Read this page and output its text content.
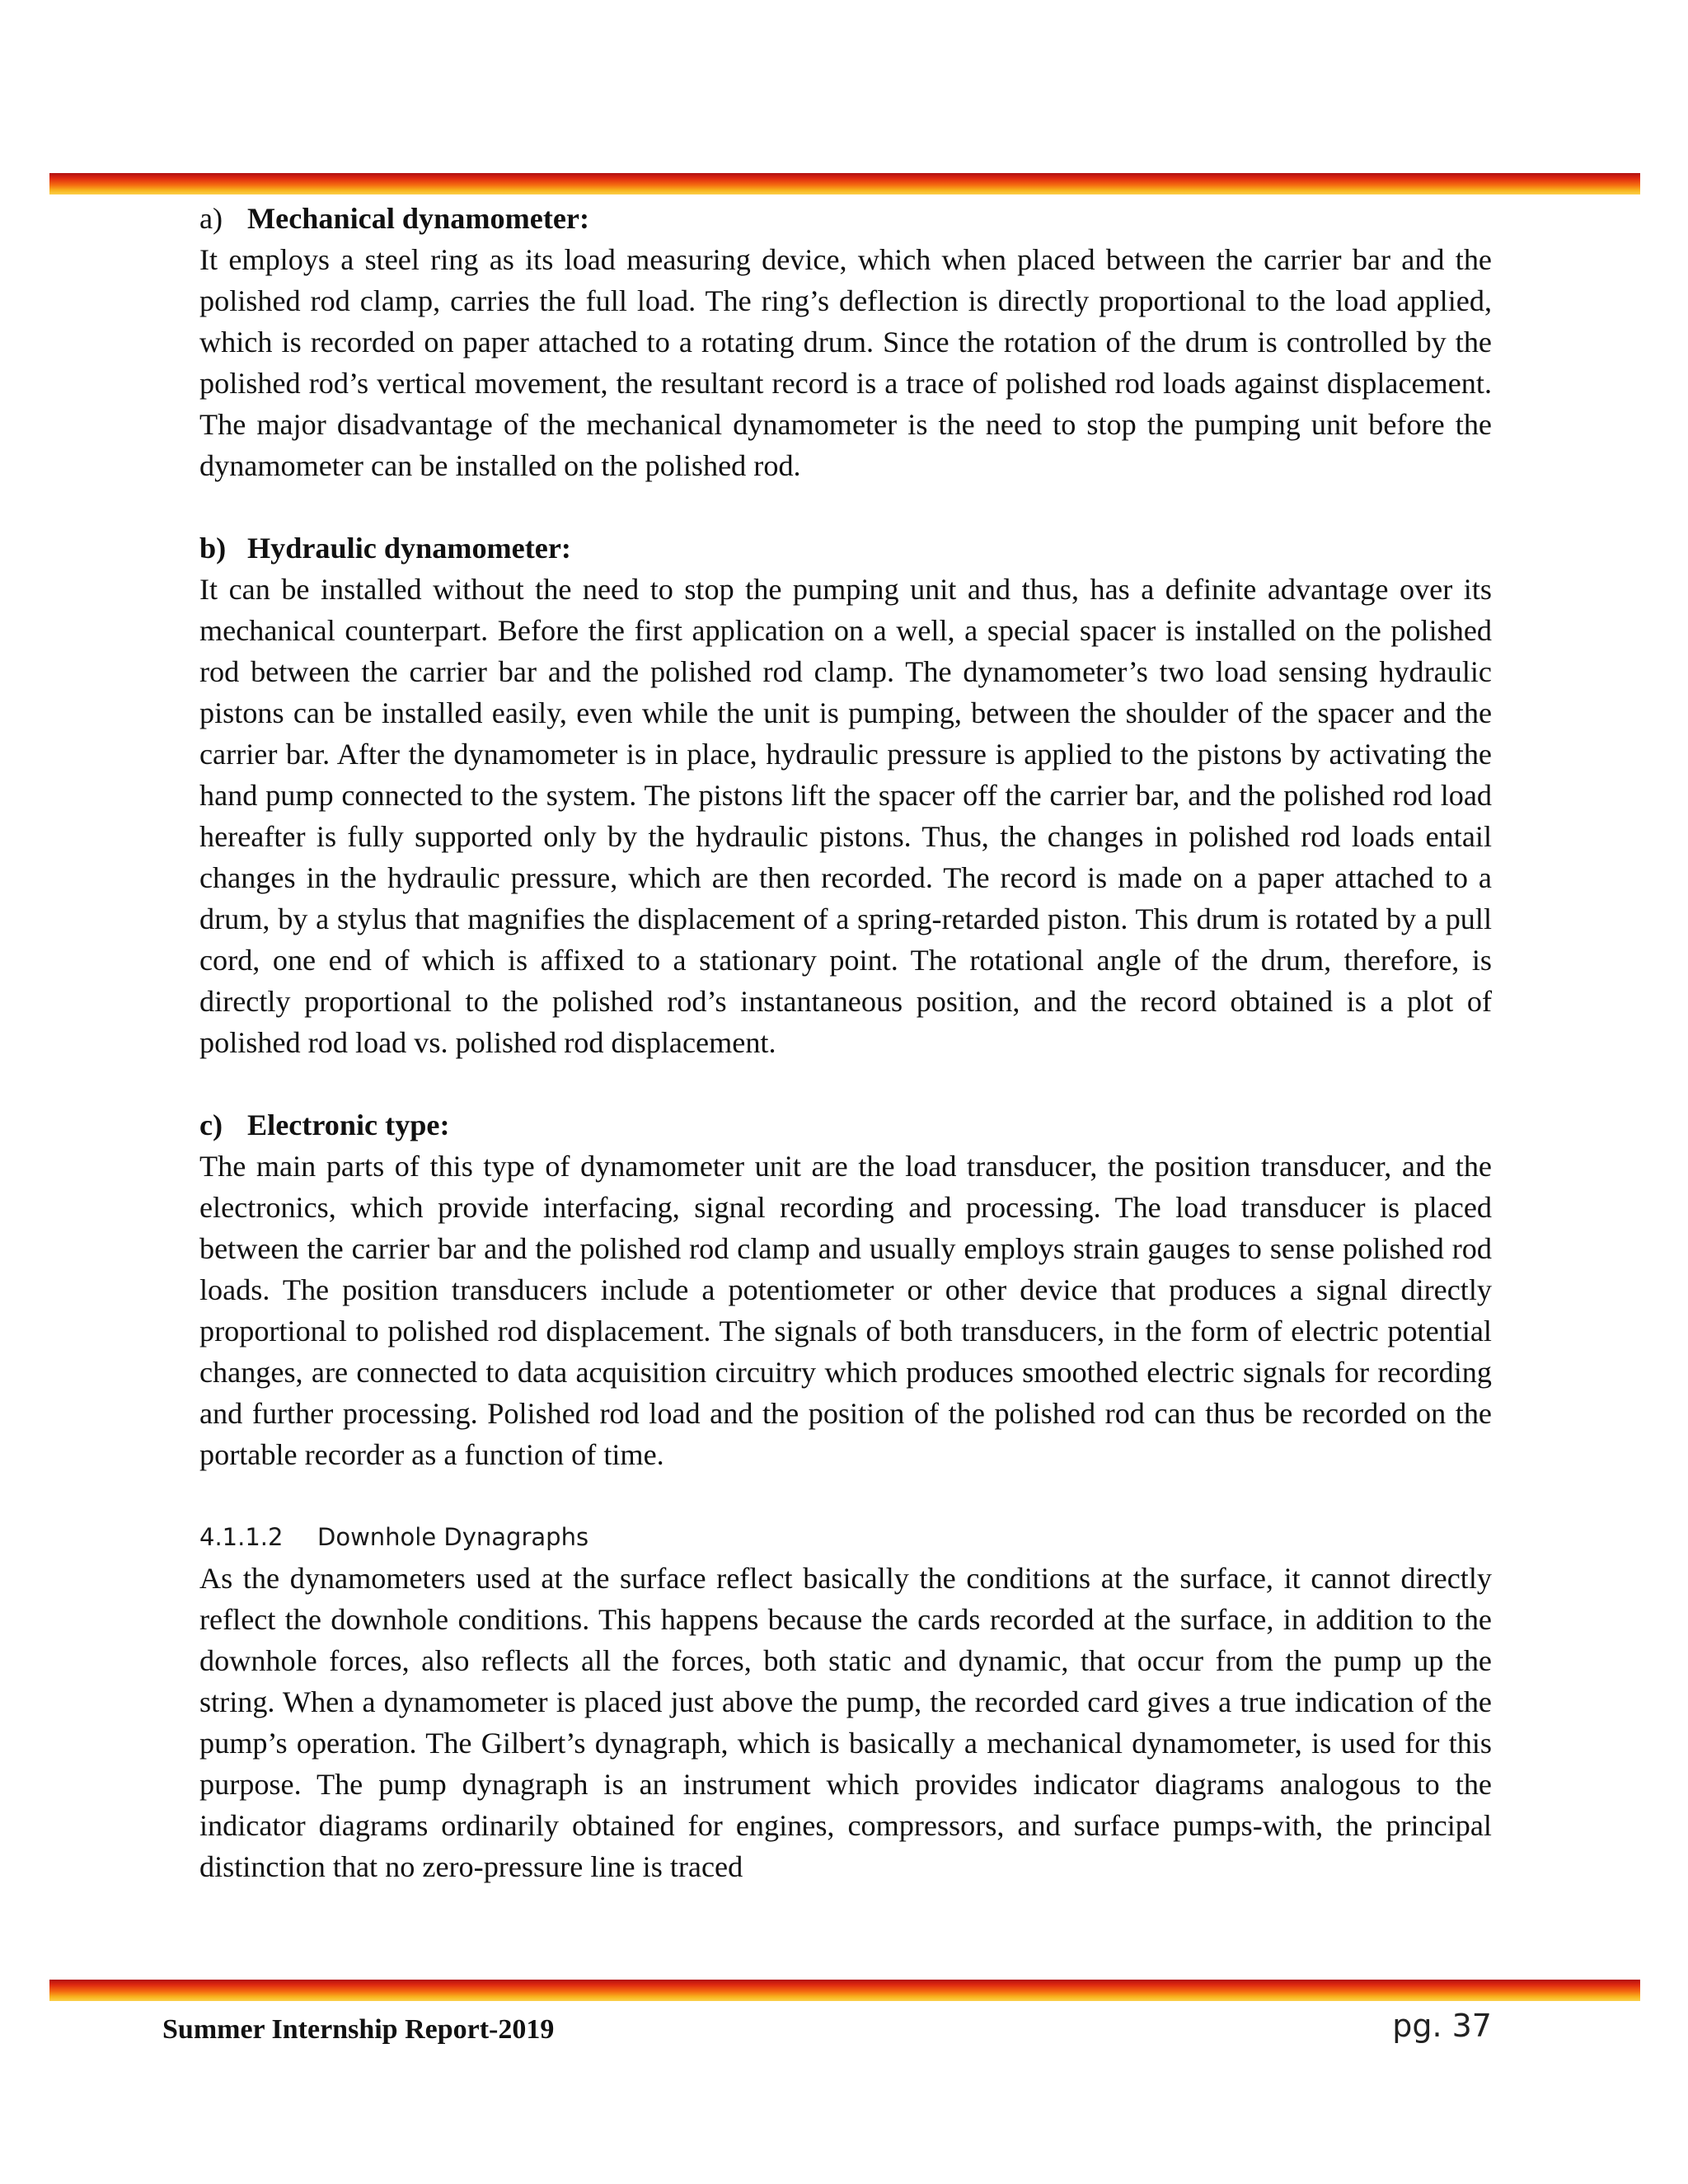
a) Mechanical dynamometer:

It employs a steel ring as its load measuring device, which when placed between the carrier bar and the polished rod clamp, carries the full load. The ring’s deflection is directly proportional to the load applied, which is recorded on paper attached to a rotating drum. Since the rotation of the drum is controlled by the polished rod’s vertical movement, the resultant record is a trace of polished rod loads against displacement. The major disadvantage of the mechanical dynamometer is the need to stop the pumping unit before the dynamometer can be installed on the polished rod.

b) Hydraulic dynamometer:

It can be installed without the need to stop the pumping unit and thus, has a definite advantage over its mechanical counterpart. Before the first application on a well, a special spacer is installed on the polished rod between the carrier bar and the polished rod clamp. The dynamometer’s two load sensing hydraulic pistons can be installed easily, even while the unit is pumping, between the shoulder of the spacer and the carrier bar. After the dynamometer is in place, hydraulic pressure is applied to the pistons by activating the hand pump connected to the system. The pistons lift the spacer off the carrier bar, and the polished rod load hereafter is fully supported only by the hydraulic pistons. Thus, the changes in polished rod loads entail changes in the hydraulic pressure, which are then recorded. The record is made on a paper attached to a drum, by a stylus that magnifies the displacement of a spring-retarded piston. This drum is rotated by a pull cord, one end of which is affixed to a stationary point. The rotational angle of the drum, therefore, is directly proportional to the polished rod’s instantaneous position, and the record obtained is a plot of polished rod load vs. polished rod displacement.

c) Electronic type:

The main parts of this type of dynamometer unit are the load transducer, the position transducer, and the electronics, which provide interfacing, signal recording and processing. The load transducer is placed between the carrier bar and the polished rod clamp and usually employs strain gauges to sense polished rod loads. The position transducers include a potentiometer or other device that produces a signal directly proportional to polished rod displacement. The signals of both transducers, in the form of electric potential changes, are connected to data acquisition circuitry which produces smoothed electric signals for recording and further processing. Polished rod load and the position of the polished rod can thus be recorded on the portable recorder as a function of time.

4.1.1.2 Downhole Dynagraphs

As the dynamometers used at the surface reflect basically the conditions at the surface, it cannot directly reflect the downhole conditions. This happens because the cards recorded at the surface, in addition to the downhole forces, also reflects all the forces, both static and dynamic, that occur from the pump up the string. When a dynamometer is placed just above the pump, the recorded card gives a true indication of the pump’s operation. The Gilbert’s dynagraph, which is basically a mechanical dynamometer, is used for this purpose. The pump dynagraph is an instrument which provides indicator diagrams analogous to the indicator diagrams ordinarily obtained for engines, compressors, and surface pumps-with, the principal distinction that no zero-pressure line is traced

Summer Internship Report-2019	pg. 37
